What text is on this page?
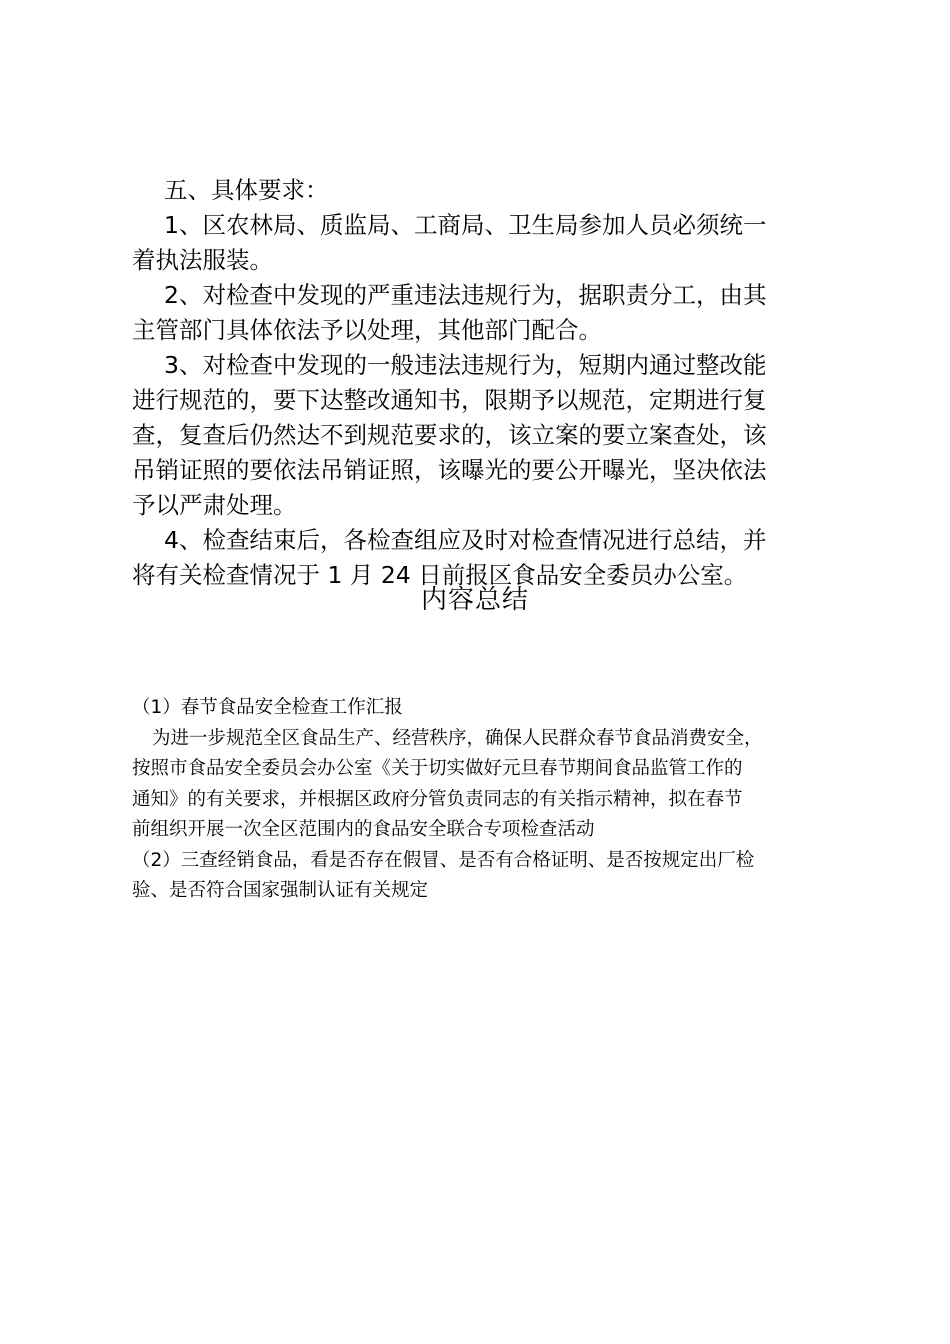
五、具体要求：
1、区农林局、质监局、工商局、卫生局参加人员必须统一
着执法服装。
2、对检查中发现的严重违法违规行为，据职责分工，由其
主管部门具体依法予以处理，其他部门配合。
3、对检查中发现的一般违法违规行为，短期内通过整改能
进行规范的，要下达整改通知书，限期予以规范，定期进行复
查，复查后仍然达不到规范要求的，该立案的要立案查处，该
吊销证照的要依法吊销证照，该曝光的要公开曝光，坚决依法
予以严肃处理。
4、检查结束后，各检查组应及时对检查情况进行总结，并
将有关检查情况于 1 月 24 日前报区食品安全委员办公室。
内容总结
（1）春节食品安全检查工作汇报
为进一步规范全区食品生产、经营秩序，确保人民群众春节食品消费安全，
按照市食品安全委员会办公室《关于切实做好元旦春节期间食品监管工作的
通知》的有关要求，并根据区政府分管负责同志的有关指示精神，拟在春节
前组织开展一次全区范围内的食品安全联合专项检查活动
（2）三查经销食品，看是否存在假冒、是否有合格证明、是否按规定出厂检
验、是否符合国家强制认证有关规定
